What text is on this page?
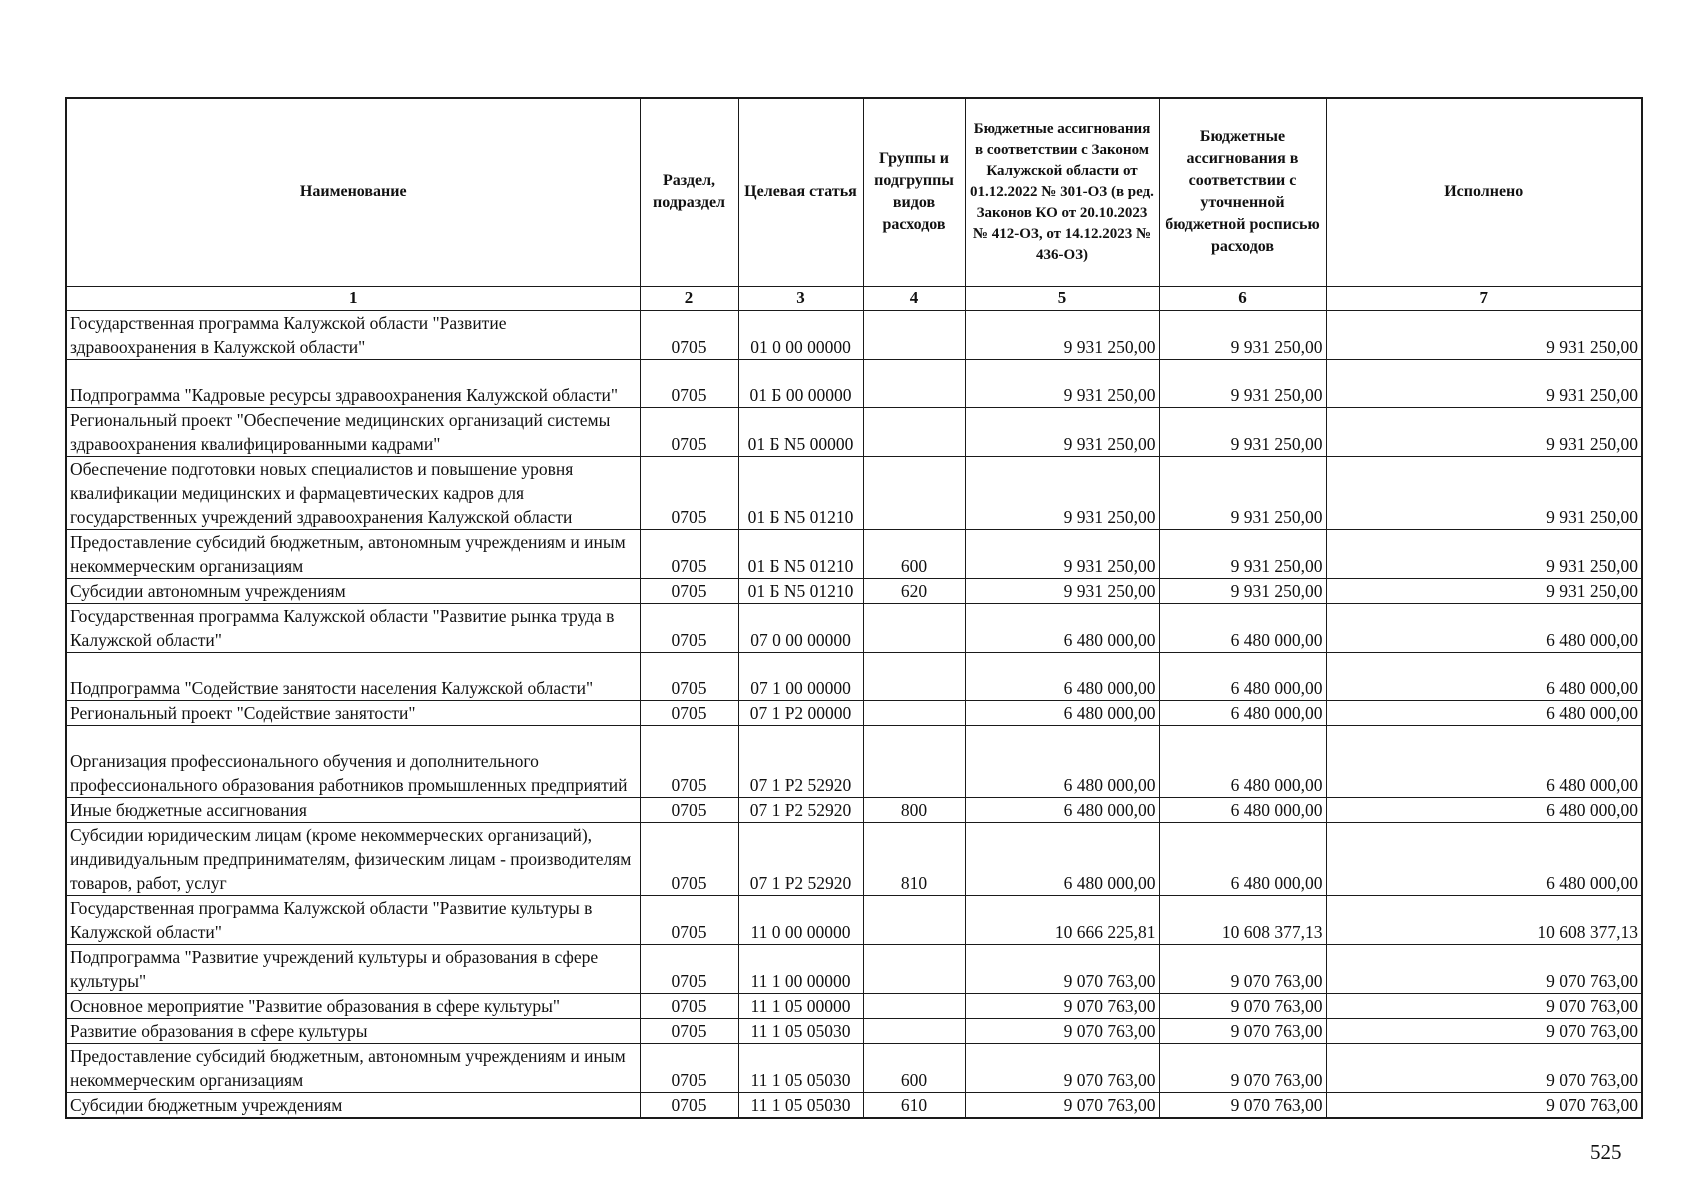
Наименование	Раздел, подраздел	Целевая статья	Группы и подгруппы видов расходов	Бюджетные ассигнования в соответствии с Законом Калужской области от 01.12.2022 № 301-ОЗ (в ред. Законов КО от 20.10.2023 № 412-ОЗ, от 14.12.2023 № 436-ОЗ)	Бюджетные ассигнования в соответствии с уточненной бюджетной росписью расходов	Исполнено
1	2	3	4	5	6	7
Государственная программа Калужской области "Развитие здравоохранения в Калужской области"	0705	01 0 00 00000		9 931 250,00	9 931 250,00	9 931 250,00
Подпрограмма "Кадровые ресурсы здравоохранения Калужской области"	0705	01 Б 00 00000		9 931 250,00	9 931 250,00	9 931 250,00
Региональный проект "Обеспечение медицинских организаций системы здравоохранения квалифицированными кадрами"	0705	01 Б N5 00000		9 931 250,00	9 931 250,00	9 931 250,00
Обеспечение подготовки новых специалистов и повышение уровня квалификации медицинских и фармацевтических кадров для государственных учреждений здравоохранения Калужской области	0705	01 Б N5 01210		9 931 250,00	9 931 250,00	9 931 250,00
Предоставление субсидий бюджетным, автономным учреждениям и иным некоммерческим организациям	0705	01 Б N5 01210	600	9 931 250,00	9 931 250,00	9 931 250,00
Субсидии автономным учреждениям	0705	01 Б N5 01210	620	9 931 250,00	9 931 250,00	9 931 250,00
Государственная программа Калужской области "Развитие рынка труда в Калужской области"	0705	07 0 00 00000		6 480 000,00	6 480 000,00	6 480 000,00
Подпрограмма "Содействие занятости населения Калужской области"	0705	07 1 00 00000		6 480 000,00	6 480 000,00	6 480 000,00
Региональный проект "Содействие занятости"	0705	07 1 P2 00000		6 480 000,00	6 480 000,00	6 480 000,00
Организация профессионального обучения и дополнительного профессионального образования работников промышленных предприятий	0705	07 1 P2 52920		6 480 000,00	6 480 000,00	6 480 000,00
Иные бюджетные ассигнования	0705	07 1 P2 52920	800	6 480 000,00	6 480 000,00	6 480 000,00
Субсидии юридическим лицам (кроме некоммерческих организаций), индивидуальным предпринимателям, физическим лицам - производителям товаров, работ, услуг	0705	07 1 P2 52920	810	6 480 000,00	6 480 000,00	6 480 000,00
Государственная программа Калужской области "Развитие культуры в Калужской области"	0705	11 0 00 00000		10 666 225,81	10 608 377,13	10 608 377,13
Подпрограмма "Развитие учреждений культуры и образования в сфере культуры"	0705	11 1 00 00000		9 070 763,00	9 070 763,00	9 070 763,00
Основное мероприятие "Развитие образования в сфере культуры"	0705	11 1 05 00000		9 070 763,00	9 070 763,00	9 070 763,00
Развитие образования в сфере культуры	0705	11 1 05 05030		9 070 763,00	9 070 763,00	9 070 763,00
Предоставление субсидий бюджетным, автономным учреждениям и иным некоммерческим организациям	0705	11 1 05 05030	600	9 070 763,00	9 070 763,00	9 070 763,00
Субсидии бюджетным учреждениям	0705	11 1 05 05030	610	9 070 763,00	9 070 763,00	9 070 763,00
525
